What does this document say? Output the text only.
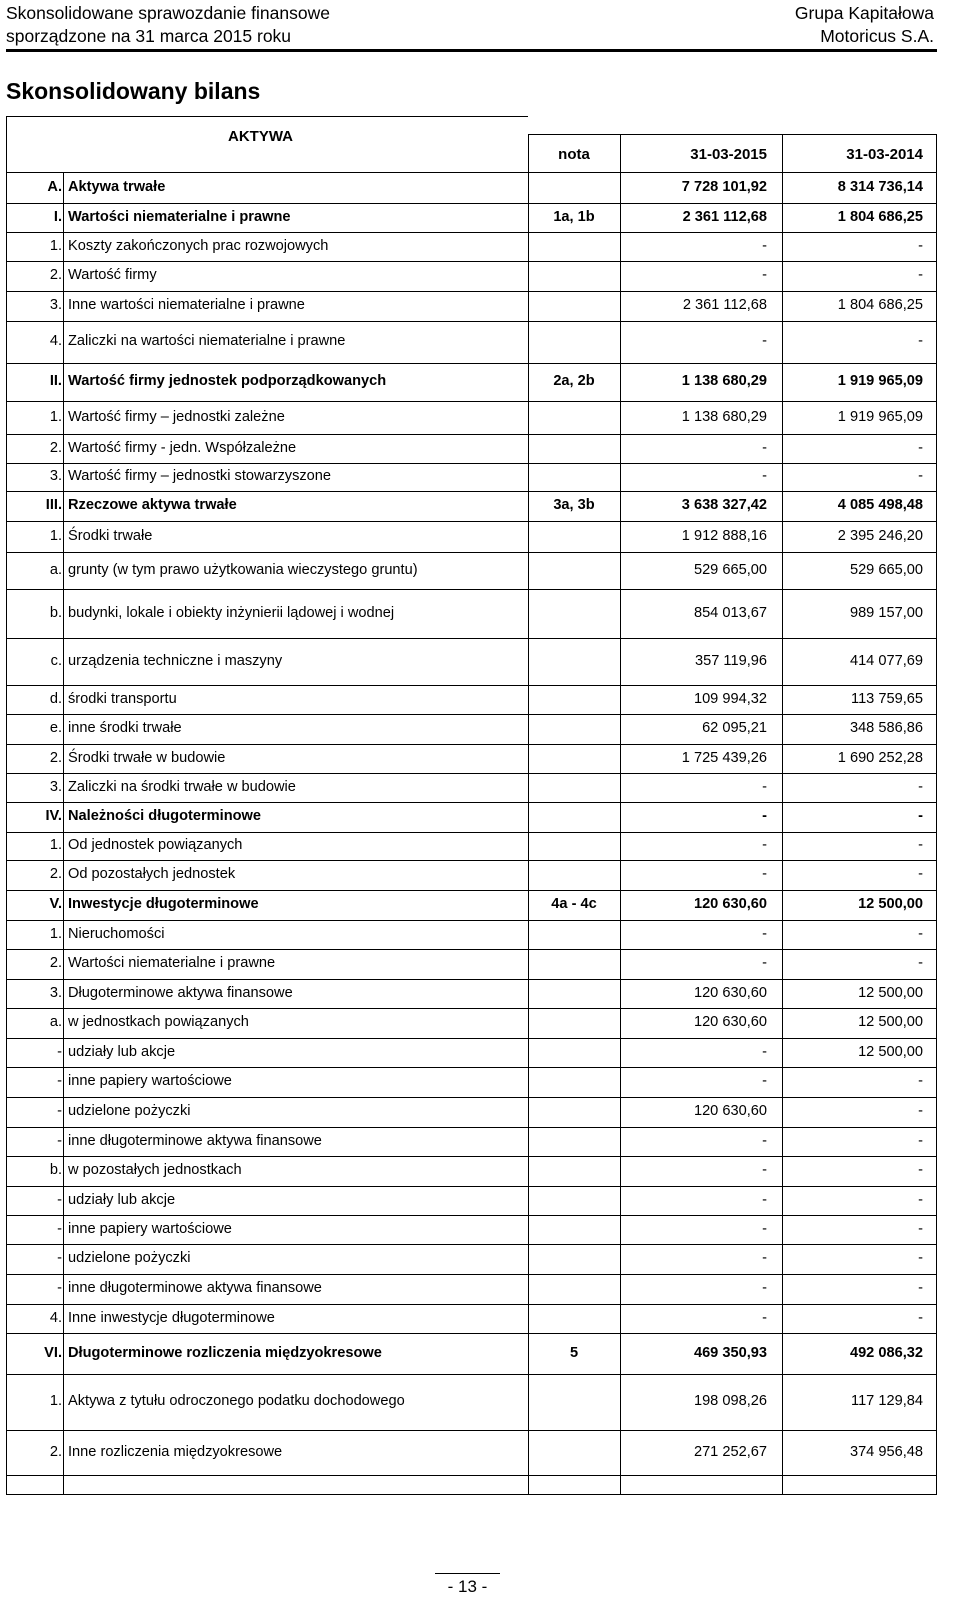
Skonsolidowane sprawozdanie finansowe
sporządzone na 31 marca 2015 roku
Grupa Kapitałowa
Motoricus S.A.
Skonsolidowany bilans
AKTYWA
nota	31-03-2015	31-03-2014
A. Aktywa trwałe	7 728 101,92	8 314 736,14
I. Wartości niematerialne i prawne	1a, 1b	2 361 112,68	1 804 686,25
1. Koszty zakończonych prac rozwojowych	-	-
2. Wartość firmy	-	-
3. Inne wartości niematerialne i prawne	2 361 112,68	1 804 686,25
4. Zaliczki na wartości niematerialne i prawne	-	-
II. Wartość firmy jednostek podporządkowanych	2a, 2b	1 138 680,29	1 919 965,09
1. Wartość firmy – jednostki zależne	1 138 680,29	1 919 965,09
2. Wartość firmy - jedn. Współzależne	-	-
3. Wartość firmy – jednostki stowarzyszone	-	-
III. Rzeczowe aktywa trwałe	3a, 3b	3 638 327,42	4 085 498,48
1. Środki trwałe	1 912 888,16	2 395 246,20
a. grunty (w tym prawo użytkowania wieczystego gruntu)	529 665,00	529 665,00
b. budynki, lokale i obiekty inżynierii lądowej i wodnej	854 013,67	989 157,00
c. urządzenia techniczne i maszyny	357 119,96	414 077,69
d. środki transportu	109 994,32	113 759,65
e. inne środki trwałe	62 095,21	348 586,86
2. Środki trwałe w budowie	1 725 439,26	1 690 252,28
3. Zaliczki na środki trwałe w budowie	-	-
IV. Należności długoterminowe	-	-
1. Od jednostek powiązanych	-	-
2. Od pozostałych jednostek	-	-
V. Inwestycje długoterminowe	4a - 4c	120 630,60	12 500,00
1. Nieruchomości	-	-
2. Wartości niematerialne i prawne	-	-
3. Długoterminowe aktywa finansowe	120 630,60	12 500,00
a. w jednostkach powiązanych	120 630,60	12 500,00
- udziały lub akcje	-	12 500,00
- inne papiery wartościowe	-	-
- udzielone pożyczki	120 630,60	-
- inne długoterminowe aktywa finansowe	-	-
b. w pozostałych jednostkach	-	-
- udziały lub akcje	-	-
- inne papiery wartościowe	-	-
- udzielone pożyczki	-	-
- inne długoterminowe aktywa finansowe	-	-
4. Inne inwestycje długoterminowe	-	-
VI. Długoterminowe rozliczenia międzyokresowe	5	469 350,93	492 086,32
1. Aktywa z tytułu odroczonego podatku dochodowego	198 098,26	117 129,84
2. Inne rozliczenia międzyokresowe	271 252,67	374 956,48
- 13 -
